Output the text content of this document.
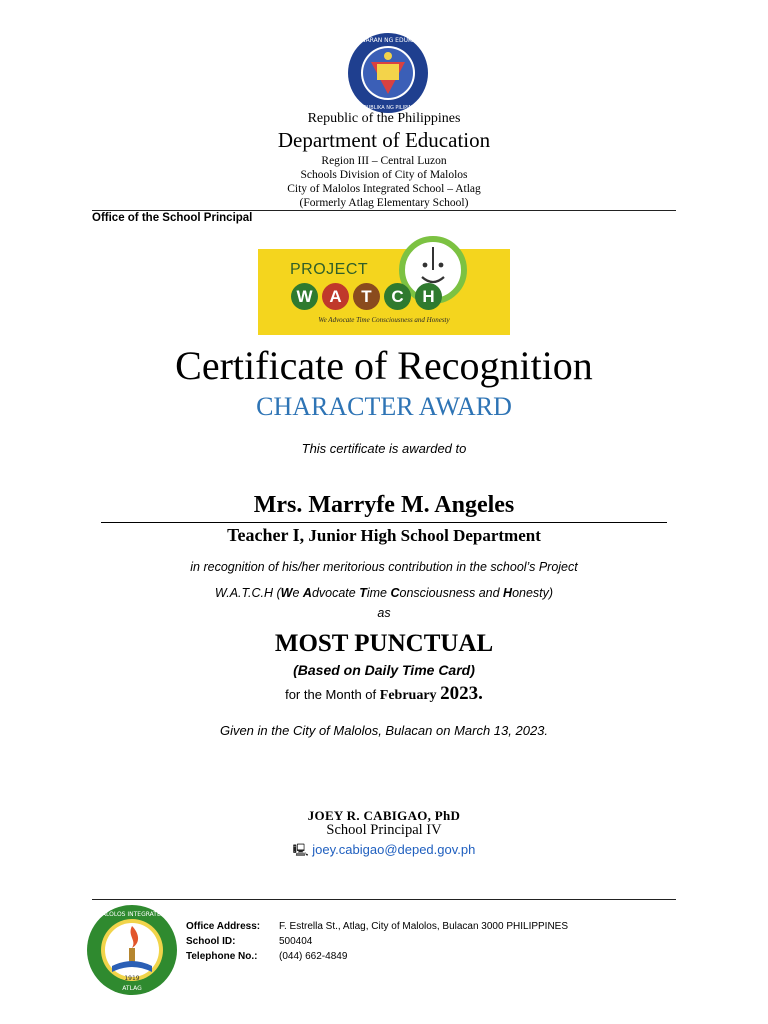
KAGAWARAN NG EDUKASYON
REPUBLIKA NG PILIPINAS
Republic of the Philippines
Department of Education
Region III – Central Luzon
Schools Division of City of Malolos
City of Malolos Integrated School – Atlag
(Formerly Atlag Elementary School)
Office of the School Principal
PROJECT
W A	T	C	H
We Advocate Time Consciousness and Honesty
Certificate of Recognition
CHARACTER AWARD
This certificate is awarded to
Mrs. Marryfe M. Angeles
Teacher I, Junior High School Department
in recognition of his/her meritorious contribution in the school’s Project
W.A.T.C.H (We Advocate Time Consciousness and Honesty)
as
MOST PUNCTUAL
(Based on Daily Time Card)
for the Month of February 2023.
Given in the City of Malolos, Bulacan on March 13, 2023.
JOEY R. CABIGAO, PhD
School Principal IV
🖳 joey.cabigao@deped.gov.ph
CITY OF MALOLOS INTEGRATED SCHOOL
ATLAG
1919
Office Address: F. Estrella St., Atlag, City of Malolos, Bulacan 3000 PHILIPPINES
School ID:	500404
Telephone No.: (044) 662-4849
